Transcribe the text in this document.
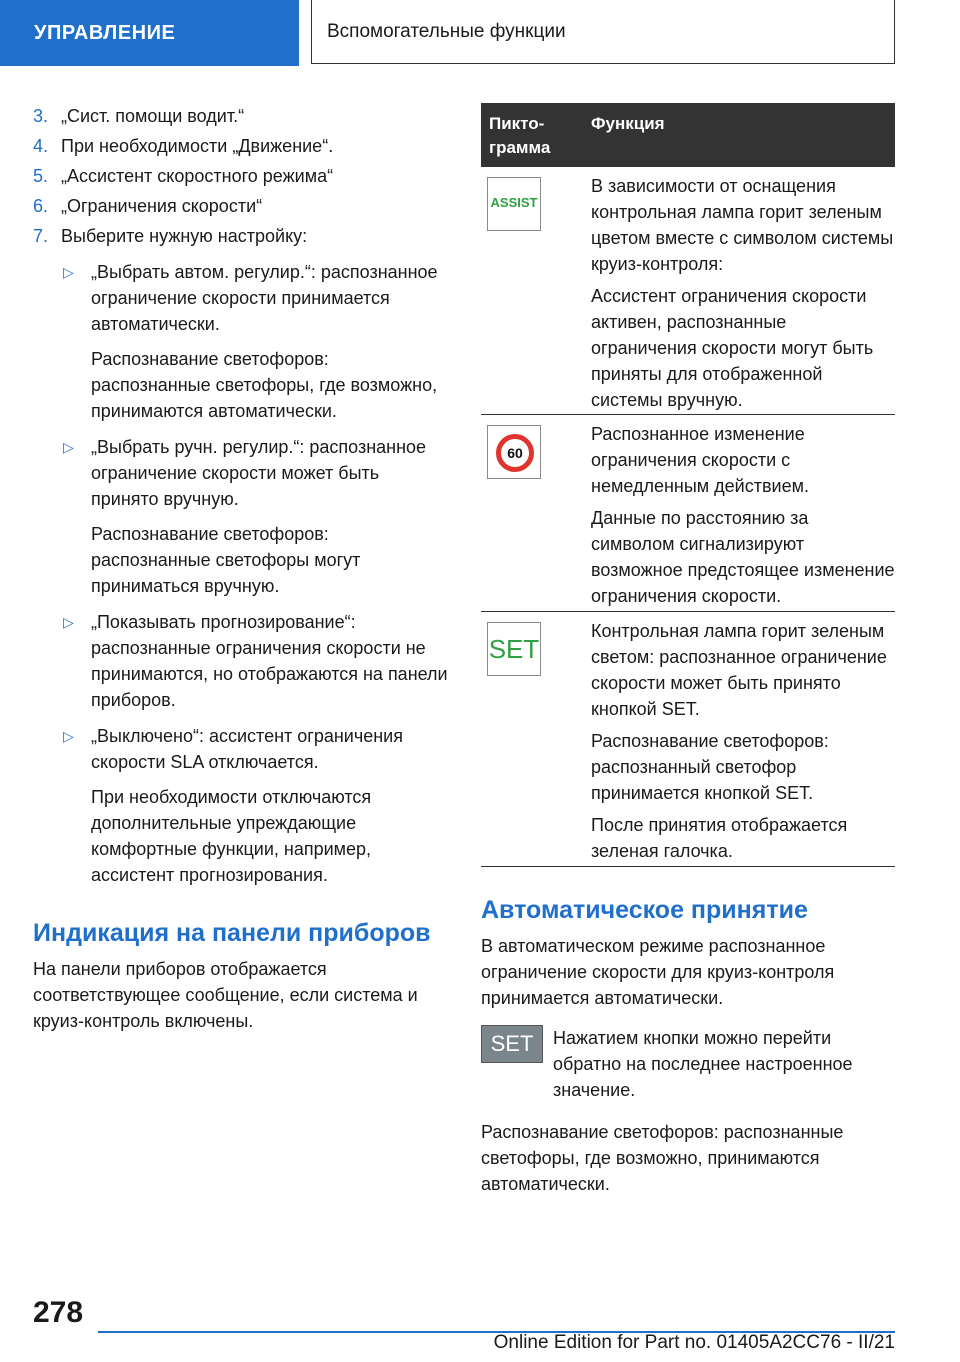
УПРАВЛЕНИЕ	Вспомогательные функции
3. „Сист. помощи водит.“
4. При необходимости „Движение“.
5. „Ассистент скоростного режима“
6. „Ограничения скорости“
7. Выберите нужную настройку:
▷ „Выбрать автом. регулир.“: распознанное ограничение скорости принимается автоматически.

Распознавание светофоров: распознанные светофоры, где возможно, принимаются автоматически.

▷ „Выбрать ручн. регулир.“: распознанное ограничение скорости может быть принято вручную.

Распознавание светофоров: распознанные светофоры могут приниматься вручную.

▷ „Показывать прогнозирование“: распознанные ограничения скорости не принимаются, но отображаются на панели приборов.

▷ „Выключено“: ассистент ограничения скорости SLA отключается.

При необходимости отключаются дополнительные упреждающие комфортные функции, например, ассистент прогнозирования.

Индикация на панели приборов

На панели приборов отображается соответствующее сообщение, если система и круиз-контроль включены.

Пикто-грамма
Функция
ASSIST

В зависимости от оснащения контрольная лампа горит зеленым цветом вместе с символом системы круиз-контроля:

Ассистент ограничения скорости активен, распознанные ограничения скорости могут быть приняты для отображенной системы вручную.

60

Распознанное изменение ограничения скорости с немедленным действием.

Данные по расстоянию за символом сигнализируют возможное предстоящее изменение ограничения скорости.

SET

Контрольная лампа горит зеленым светом: распознанное ограничение скорости может быть принято кнопкой SET.

Распознавание светофоров: распознанный светофор принимается кнопкой SET.

После принятия отображается зеленая галочка.

Автоматическое принятие

В автоматическом режиме распознанное ограничение скорости для круиз-контроля принимается автоматически.

SET	Нажатием кнопки можно перейти обратно на последнее настроенное значение.

Распознавание светофоров: распознанные светофоры, где возможно, принимаются автоматически.

278
Online Edition for Part no. 01405A2CC76 - II/21
